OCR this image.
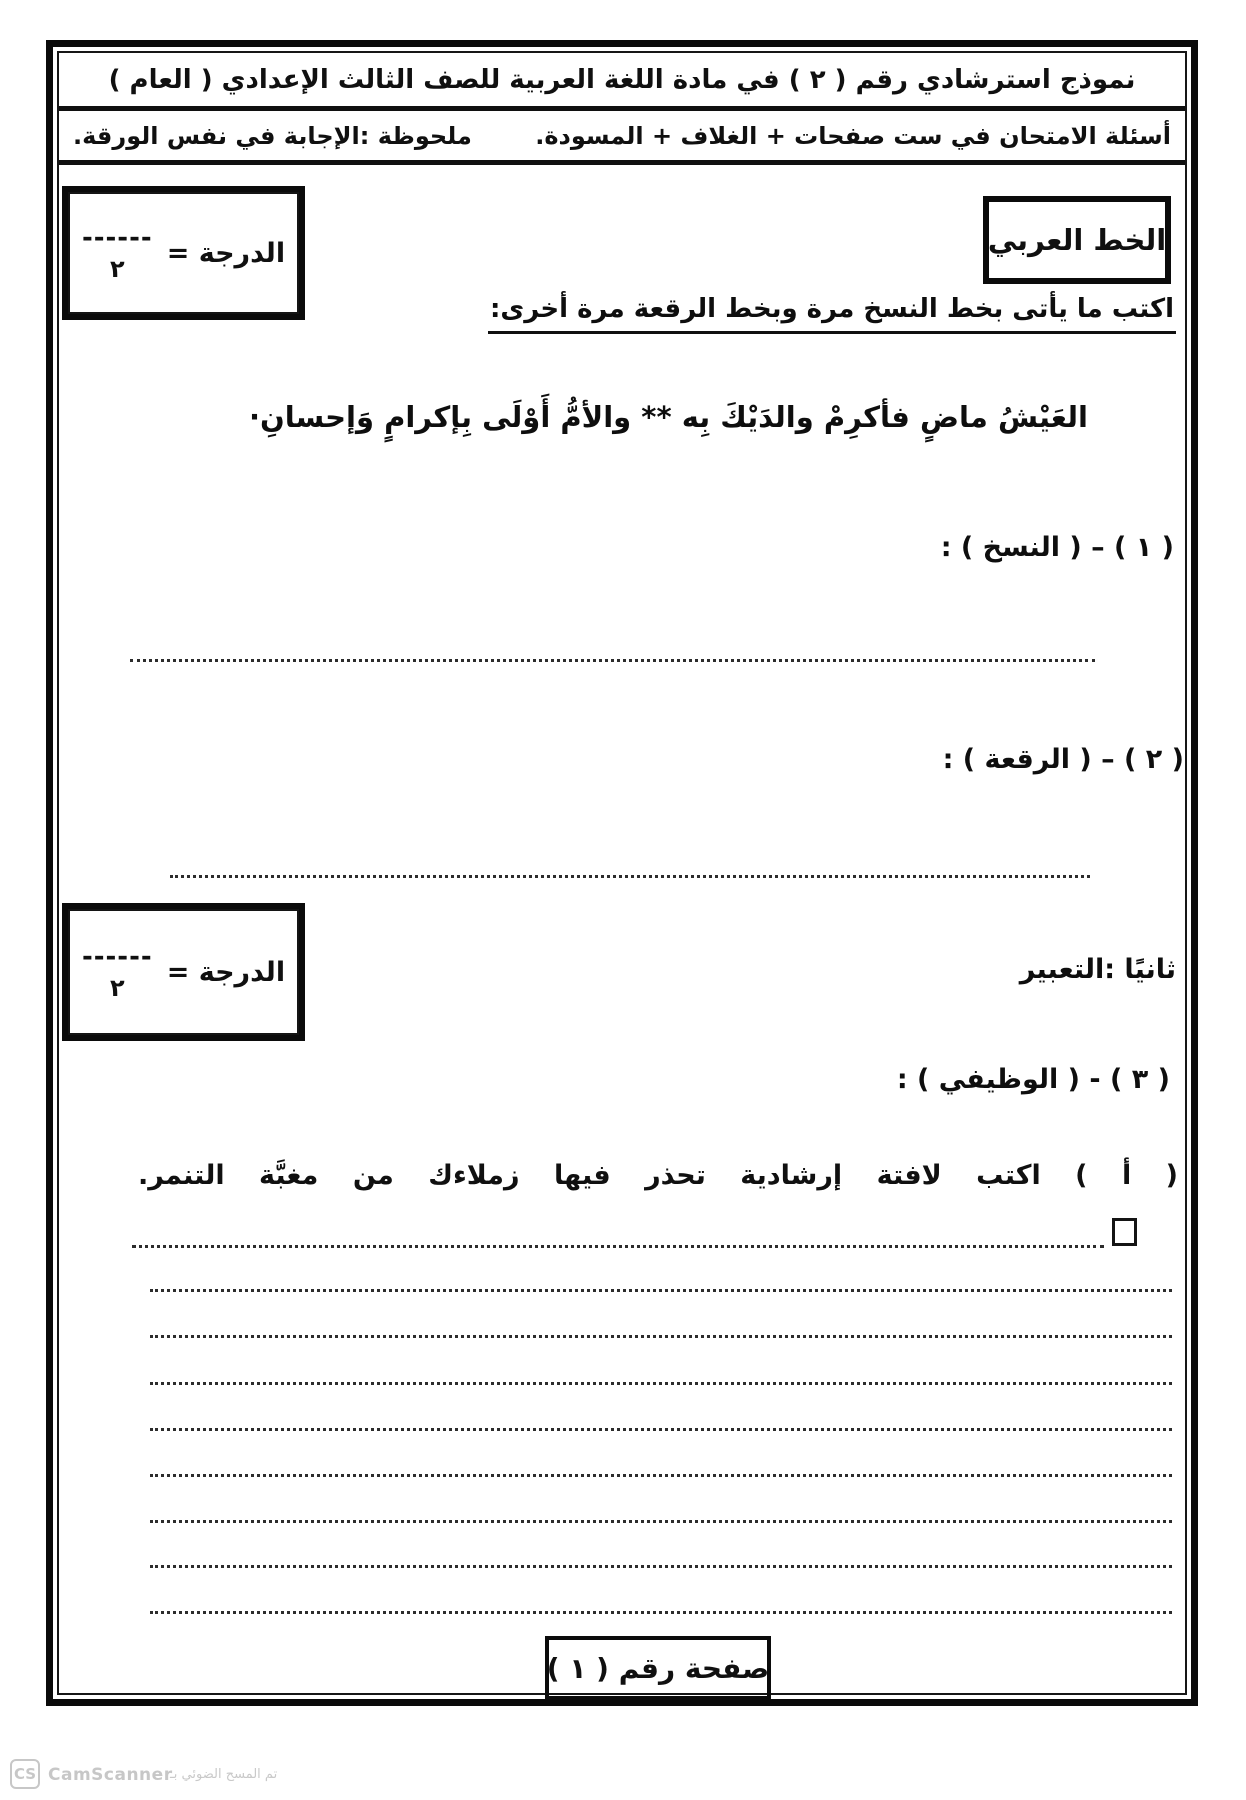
نموذج استرشادي رقم ( ٢ ) في مادة اللغة العربية للصف الثالث الإعدادي ( العام )
أسئلة الامتحان في ست صفحات + الغلاف + المسودة.
ملحوظة :الإجابة في نفس الورقة.
الخط العربي
الدرجة =
------
٢
اكتب ما يأتى بخط النسخ مرة وبخط الرقعة مرة أخرى:
العَيْشُ ماضٍ فأكرِمْ والدَيْكَ بِه ** والأمُّ أَوْلَى بِإكرامٍ وَإحسانِ·
( ١ ) – ( النسخ ) :
( ٢ ) – ( الرقعة ) :
الدرجة =
------
٢
ثانيًا :التعبير
( ٣ ) - ( الوظيفي ) :
( أ ) اكتب لافتة إرشادية تحذر فيها زملاءك من مغبَّة التنمر.
صفحة رقم ( ١ )
CS CamScanner
تم المسح الضوئي بـ
